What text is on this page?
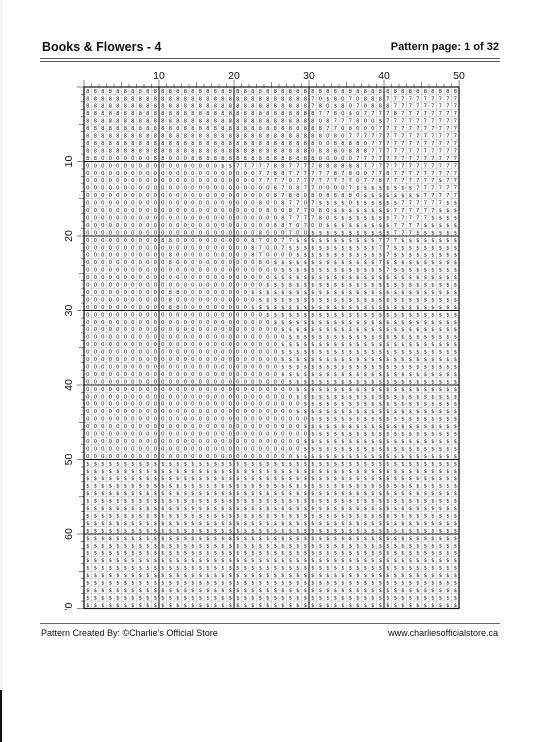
Books & Flowers - 4	Pattern page: 1 of 32
8 8 8 8 8 8 8 8 8 8 8 8 8 8 8 8 8 8 8 8 8 8 8 8 8 8 8 8 8 8 8 8 8 8 8 8 8 8 8 8 8 8 8 8 8 8 8 8 8 8
8 8 8 8 8 8 8 8 8 8 8 8 8 8 8 8 8 8 8 8 8 8 8 8 8 8 8 8 8 8 7 O $ 8 O 7 O 8 8 8 7 7 7 7 7 7 7 7 7 7
8 8 8 8 8 8 8 8 8 8 8 8 8 8 8 8 8 8 8 8 8 8 8 8 8 8 8 8 8 8 7 8 O $ 8 O 7 O 8 8 8 7 7 7 7 7 7 7 7 7
8 8 8 8 8 8 8 8 8 8 8 8 8 8 8 8 8 8 8 8 8 8 8 8 8 8 8 8 8 8 8 7 7 8 O $ O 7 7 7 7 8 7 7 7 7 7 7 7 7
8 8 8 8 8 8 8 8 8 8 8 8 8 8 8 8 8 8 8 8 8 8 8 8 8 8 8 8 8 8 8 O 8 7 7 7 8 O O $ 7 7 7 7 7 7 7 7 7 7
8 8 8 8 8 8 8 8 8 8 8 8 8 8 8 8 8 8 8 8 8 8 8 8 8 8 8 8 8 8 8 8 7 7 O 8 O O O 7 7 7 7 7 7 7 7 7 7 7
8 8 8 8 8 8 8 8 8 8 8 8 8 8 8 8 8 8 8 8 8 8 8 8 8 8 8 8 8 8 8 8 O 8 O 7 7 7 7 7 7 7 7 7 7 7 7 7 7 7
8 8 8 8 8 8 8 8 8 8 8 8 8 8 8 8 8 8 8 8 8 8 8 8 8 8 8 8 8 8 8 O O 8 8 8 8 O 7 7 7 7 7 7 7 7 7 7 7 7
8 8 8 8 8 8 8 8 8 8 8 8 8 8 8 8 8 8 8 8 8 8 8 8 8 8 8 8 8 8 O 8 8 8 O 8 8 8 7 7 7 7 7 7 7 7 7 7 7 7
8 8 O O O O O O O 8 8 O O O 8 8 8 8 8 8 8 8 8 8 8 8 8 8 8 8 8 O O O O O 7 7 7 7 7 7 7 7 7 7 7 7 7 7
O O O O O O O O O O O O O O O O O O $ $ 7 7 7 7 7 8 8 7 7 7 7 8 8 8 8 8 8 7 7 7 7 7 7 7 7 7 7 7 7 7
O O O O O O O O O O O O O O O O O O O O O O O 7 7 8 8 7 7 7 7 7 7 8 7 8 O O 7 7 8 7 7 7 7 7 7 7 7 7
O O O O O O O O O O O O O O O O O O O O O O O 7 7 7 7 O 7 7 7 7 7 7 7 7 O 7 7 8 7 7 7 7 7 7 7 $ 7 7
O O O O O O O O O O O O O O O O O O O O O O O O O 8 7 O 8 7 7 O O O O 7 $ $ $ $ $ $ $ $ 7 7 7 7 7 7
O O O O O O O O O O O O O O O O O O O O O O O O O 8 7 8 8 O 8 O 8 8 8 8 O $ $ $ $ $ $ $ $ 7 7 7 7 7
O O O O O O O O O O O O O O O O O O O O O O O 8 O O 8 7 7 O 7 $ $ $ $ O $ $ $ $ $ $ 7 7 7 7 7 7 $ $
O O O O O O O O O O O O O O O O O O O O O O O O 8 O O 8 7 7 O 8 O $ $ $ $ $ $ $ $ 7 7 7 7 7 7 $ $ $
O O O O O O O O O O O O O O O O O O O O O O O O O O 8 7 7 7 7 8 O $ $ $ $ $ $ $ $ 7 7 7 7 7 $ $ $ $
O O O O O O O O O O O O O O O O O O O O O O O O O 8 8 7 O 7 O O $ $ $ $ $ $ $ $ $ 7 7 7 7 $ $ $ $ $
O O O O O O O O O O O O O O O O O O O O O O O 8 O O O 7 O O $ $ $ $ $ $ $ $ $ $ $ 7 7 7 $ $ $ $ $ $
O O O O O O O O O O 8 8 O O O O O O O O O O 8 7 O O 7 7 $ $ $ $ $ $ $ $ $ $ $ 7 7 7 $ $ $ $ $ $ $ $
O O O O O O O O O O O O O O O O O O O O O O 8 7 O O 7 $ $ $ $ $ $ $ $ $ $ $ $ 7 7 $ $ $ $ $ $ $ $ $
O O O O O O O O O O O 8 O O O O O O O O O O 8 7 O O O O $ $ $ $ $ $ $ $ $ $ $ $ 7 $ $ $ $ $ $ $ $ $
O O O O O O O O O O O 8 O O O O O O O O O O O 8 O $ $ $ $ $ $ $ $ $ $ $ $ $ $ 7 $ $ $ $ $ $ $ $ $ $
O O O O O O O O O O O O O O O O O O O O O O O O O O $ $ $ $ $ $ $ $ $ $ $ $ $ $ 7 $ $ $ $ $ $ $ $ $
O O O O O O O O O O O O O O O O O O O O O O O O O $ $ $ $ $ $ $ $ $ $ $ $ $ $ $ $ $ $ $ $ $ $ $ $ $
O O O O O O O O O O O O O O O O O O O O O O O O $ $ $ $ $ $ $ $ $ $ $ $ $ $ $ $ $ $ $ $ $ $ $ $ $ $
O O O O O O O O O O O 8 8 O O O O O O O O O $ $ $ $ $ $ $ $ $ $ $ $ $ $ $ $ $ $ $ $ $ $ $ $ $ $ $ $
O O O O O O O O O O O 8 O O O O O O O O O O O $ $ $ $ $ $ $ $ $ $ $ $ $ $ $ $ $ $ $ $ $ $ $ $ $ $ $
O O O O O O O O O O O 8 8 O O O O O O O O O $ $ $ $ $ $ $ $ $ $ $ $ $ $ $ $ $ $ $ $ $ $ $ $ $ $ $ $
O O O O O O O O O O O O O O O O O O O O O O O O $ $ $ $ $ $ $ $ $ $ $ $ $ $ $ $ $ $ $ $ $ $ $ $ $ $
O O O O O O O O O O O O O O O O O O O O O O O O O $ $ $ $ $ $ $ $ $ $ $ $ $ $ $ $ $ $ $ $ $ $ $ $ $
O O O O O O O O O O O O O O O O O O O O O O O O O O $ $ $ $ $ $ $ $ $ $ $ $ $ $ $ $ $ $ $ $ $ $ $ $
O O O O O O O O O O O O O O O O O O O O O O O O O O O $ $ $ $ $ $ $ $ $ $ $ $ $ $ $ $ $ $ $ $ $ $ $
O O O O O O O O O O O O O O O O O O O O O O O O O O $ $ $ $ $ $ $ $ $ $ $ $ $ $ $ $ $ $ $ $ $ $ $ $
O O O O O O O O O O O O O O O O O O O O O O O O O O $ $ $ $ $ $ $ $ $ $ $ $ $ $ $ $ $ $ $ $ $ $ $ $
O O O O O O O O O O O O O O O O O O O O O O O O O O $ $ $ $ $ $ $ $ $ $ $ $ $ $ $ $ $ $ $ $ $ $ $ $
O O O O O O O O O O O O O O O O O O O O O O O O O O $ $ $ $ $ $ $ $ $ $ $ $ $ $ $ $ $ $ $ $ $ $ $ $
O O O O O O O O O O O O O O O O O O O O O O O O O O $ $ $ $ $ $ $ $ $ $ $ $ $ $ $ $ $ $ $ $ $ $ $ $
O O O O O O O O O O O O O O O O O O O O O O O O O O O $ $ $ $ $ $ $ $ $ $ $ $ $ $ $ $ $ $ $ $ $ $ $
O O O O O O O O O O O O O O O O O O O O O O O O O O O O $ $ $ $ $ $ $ $ $ $ $ $ $ $ $ $ $ $ $ $ $ $
O O O O O O O O O O O O O O O O O O O O O O O O O O O O $ $ $ $ $ $ $ $ $ $ $ $ $ $ $ $ $ $ $ $ $ $
O O O O O O O O O O O O O O O O O O O O O O O O O O O O O $ $ $ $ $ $ $ $ $ $ $ $ $ $ $ $ $ $ $ $ $
O O O O O O O O O O O O O O O O O O O O O O O O O O O O $ $ $ $ $ $ $ $ $ $ $ $ $ $ $ $ $ $ $ $ $ $
O O O O O O O O O O O O O O O O O O O O O O O O O O O O O O $ $ $ $ $ $ $ $ $ $ $ $ $ $ $ $ $ $ $ $
O O O O O O O O O O O O O O O O O O O O O O O O O O O O O $ $ $ $ $ $ $ $ $ $ $ $ $ $ $ $ $ $ $ $ $
O O O O O O O O O O O O O O O O O O O O O O O O O O O O O O $ $ $ $ $ $ $ $ $ $ $ $ $ $ $ $ $ $ $ $
O O O O O O O O O O O O O O O O O O O O O O O O O O O O O $ $ $ $ $ $ $ $ $ $ $ $ $ $ $ $ $ $ $ $ $
O O O O O O O O O O O O O O O O O O O O O O O O O O O O O $ $ $ $ $ $ $ $ $ $ $ $ $ $ $ $ $ $ $ $ $
O O O O O O O O O O O O O O O O O O O O O O O O O O O O $ $ $ $ $ $ $ $ $ $ $ $ $ $ $ $ $ $ $ $ $ $
$ $ $ $ $ $ $ $ $ $ $ $ $ $ $ $ $ $ $ $ $ $ $ $ $ $ $ $ $ $ $ $ $ $ $ $ $ $ $ $ $ $ $ $ $ $ $ $ $ $
$ $ $ $ $ $ $ $ $ $ $ $ $ $ $ $ $ $ $ $ $ $ $ $ $ $ $ $ $ $ $ $ $ $ $ $ $ $ $ $ $ $ $ $ $ $ $ $ $ $
$ $ $ $ $ $ $ $ $ $ $ $ $ $ $ $ $ $ $ $ $ $ $ $ $ $ $ $ $ $ $ $ $ $ $ $ $ $ $ $ $ $ $ $ $ $ $ $ $ $
$ $ $ $ $ $ $ $ $ $ $ $ $ $ $ $ $ $ $ $ $ $ $ $ $ $ $ $ $ $ $ $ $ $ $ $ $ $ $ $ $ $ $ $ $ $ $ $ $ $
$ $ $ $ $ $ $ $ $ $ $ $ $ $ $ $ $ $ $ $ $ $ $ $ $ $ $ $ $ $ $ $ $ $ $ $ $ $ $ $ $ $ $ $ $ $ $ $ $ $
$ $ $ $ $ $ $ $ $ $ $ $ $ $ $ $ $ $ $ $ $ $ $ $ $ $ $ $ $ $ $ $ $ $ $ $ $ $ $ $ $ $ $ $ $ $ $ $ $ $
$ $ $ $ $ $ $ $ $ $ $ $ $ $ $ $ $ $ $ $ $ $ $ $ $ $ $ $ $ $ $ $ $ $ $ $ $ $ $ $ $ $ $ $ $ $ $ $ $ $
$ $ $ $ $ $ $ $ $ $ $ $ $ $ $ $ $ $ $ $ $ $ $ $ $ $ $ $ $ $ $ $ $ $ $ $ $ $ $ $ $ $ $ $ $ $ $ $ $ $
$ $ $ $ $ $ $ $ $ $ $ $ $ $ $ $ $ $ $ $ $ $ $ $ $ $ $ $ $ $ $ $ $ $ $ $ $ $ $ $ $ $ $ $ $ $ $ $ $ $
$ $ $ $ $ $ $ $ $ $ $ $ $ $ $ $ $ $ $ $ $ $ $ $ $ $ $ $ $ $ $ $ $ $ $ $ $ $ $ $ $ $ $ $ $ $ $ $ $ $
$ $ $ $ $ $ $ $ $ $ $ $ $ $ $ $ $ $ $ $ $ $ $ $ $ $ $ $ $ $ $ $ $ $ $ $ $ $ $ $ $ $ $ $ $ $ $ $ $ $
$ $ $ $ $ $ $ $ $ $ $ $ $ $ $ $ $ $ $ $ $ $ $ $ $ $ $ $ $ $ $ $ $ $ $ $ $ $ $ $ $ $ $ $ $ $ $ $ $ $
$ $ $ $ $ $ $ $ $ $ $ $ $ $ $ $ $ $ $ $ $ $ $ $ $ $ $ $ $ $ $ $ $ $ $ $ $ $ $ $ $ $ $ $ $ $ $ $ $ $
$ $ $ $ $ $ $ $ $ $ $ $ $ $ $ $ $ $ $ $ $ $ $ $ $ $ $ $ $ $ $ $ $ $ $ $ $ $ $ $ $ $ $ $ $ $ $ $ $ $
$ $ $ $ $ $ $ $ $ $ $ $ $ $ $ $ $ $ $ $ $ $ $ $ $ $ $ $ $ $ $ $ $ $ $ $ $ $ $ $ $ $ $ $ $ $ $ $ $ $
$ $ $ $ $ $ $ $ $ $ $ $ $ $ $ $ $ $ $ $ $ $ $ $ $ $ $ $ $ $ $ $ $ $ $ $ $ $ $ $ $ $ $ $ $ $ $ $ $ $
$ $ $ $ $ $ $ $ $ $ $ $ $ $ $ $ $ $ $ $ $ $ $ $ $ $ $ $ $ $ $ $ $ $ $ $ $ $ $ $ $ $ $ $ $ $ $ $ $ $
$ $ $ $ $ $ $ $ $ $ $ $ $ $ $ $ $ $ $ $ $ $ $ $ $ $ $ $ $ $ $ $ $ $ $ $ $ $ $ $ $ $ $ $ $ $ $ $ $ $
$ $ $ $ $ $ $ $ $ $ $ $ $ $ $ $ $ $ $ $ $ $ $ $ $ $ $ $ $ $ $ $ $ $ $ $ $ $ $ $ $ $ $ $ $ $ $ $ $ $
$ $ $ $ $ $ $ $ $ $ $ $ $ $ $ $ $ $ $ $ $ $ $ $ $ $ $ $ $ $ $ $ $ $ $ $ $ $ $ $ $ $ $ $ $ $ $ $ $ $
10	20	30	40	50
10
20
30
40
50
60
70
Pattern Created By: ©Charlie's Official Store	www.charliesofficialstore.ca
